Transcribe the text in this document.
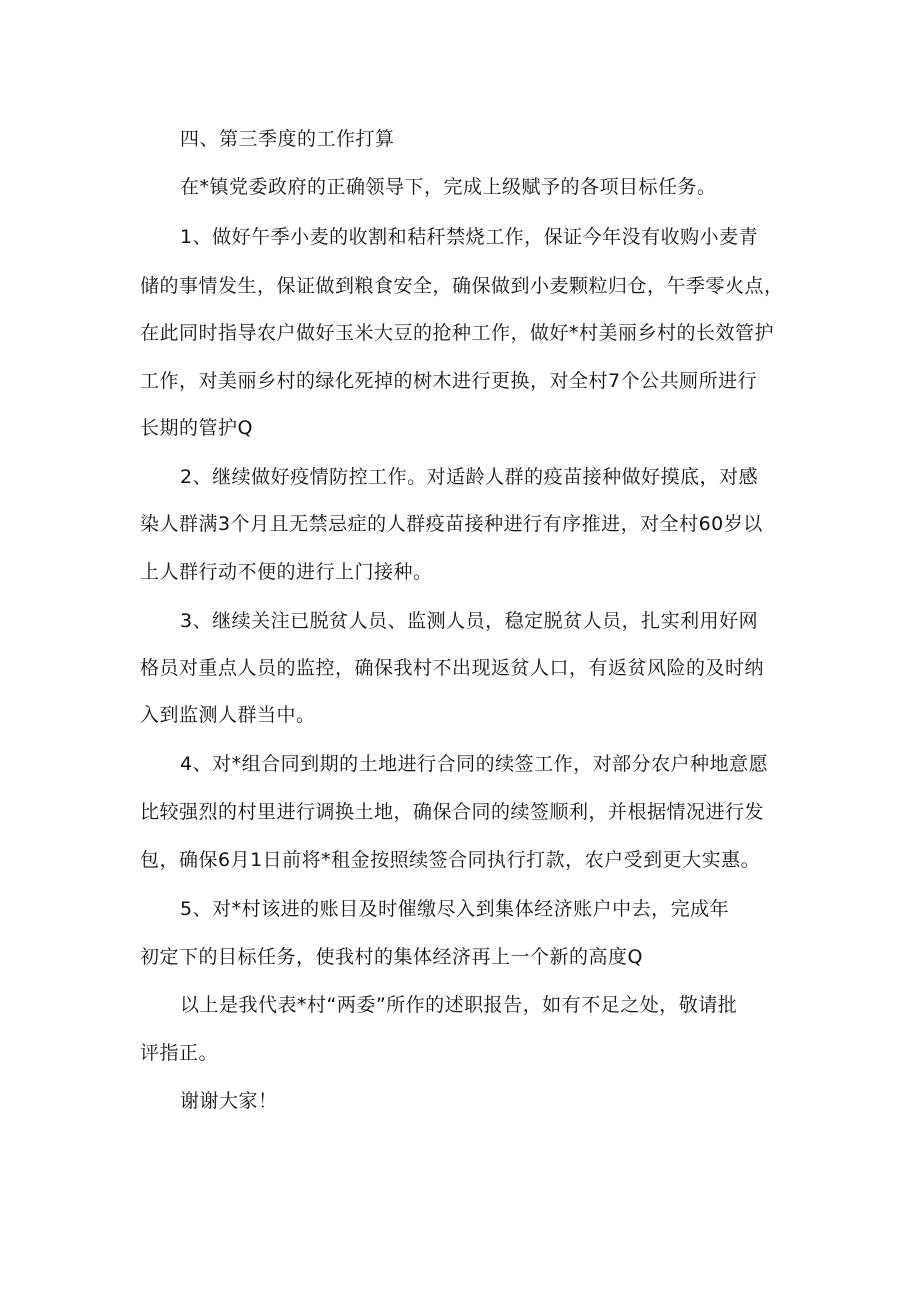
四、第三季度的工作打算
在*镇党委政府的正确领导下，完成上级赋予的各项目标任务。
1、做好午季小麦的收割和秸秆禁烧工作，保证今年没有收购小麦青
储的事情发生，保证做到粮食安全，确保做到小麦颗粒归仓，午季零火点，
在此同时指导农户做好玉米大豆的抢种工作，做好*村美丽乡村的长效管护
工作，对美丽乡村的绿化死掉的树木进行更换，对全村7个公共厕所进行
长期的管护Q
2、继续做好疫情防控工作。对适龄人群的疫苗接种做好摸底，对感
染人群满3个月且无禁忌症的人群疫苗接种进行有序推进，对全村60岁以
上人群行动不便的进行上门接种。
3、继续关注已脱贫人员、监测人员，稳定脱贫人员，扎实利用好网
格员对重点人员的监控，确保我村不出现返贫人口，有返贫风险的及时纳
入到监测人群当中。
4、对*组合同到期的土地进行合同的续签工作，对部分农户种地意愿
比较强烈的村里进行调换土地，确保合同的续签顺利，并根据情况进行发
包，确保6月1日前将*租金按照续签合同执行打款，农户受到更大实惠。
5、对*村该进的账目及时催缴尽入到集体经济账户中去，完成年
初定下的目标任务，使我村的集体经济再上一个新的高度Q
以上是我代表*村“两委”所作的述职报告，如有不足之处，敬请批
评指正。
谢谢大家！
